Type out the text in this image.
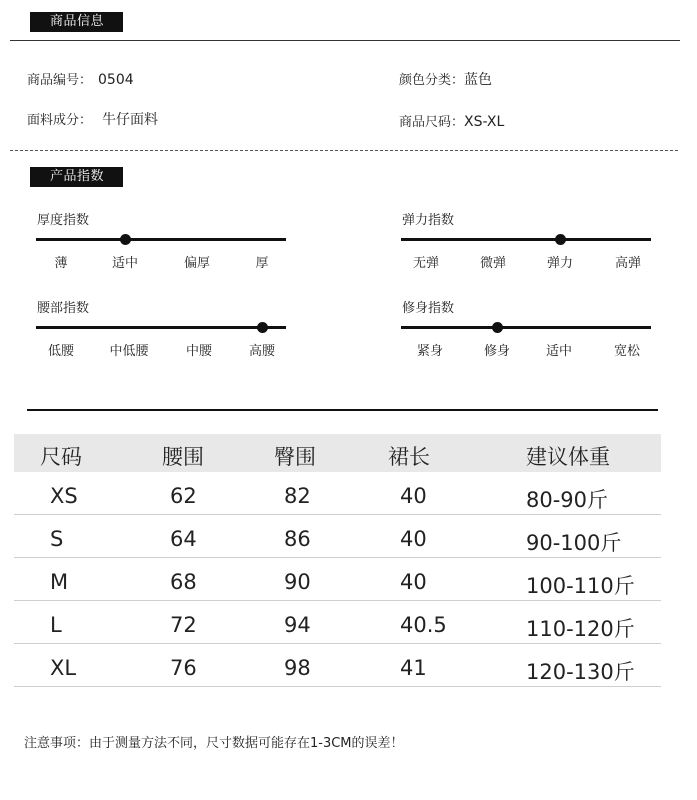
商品信息
商品编号： 0504	颜色分类：蓝色
面料成分： 牛仔面料	商品尺码：XS-XL
产品指数
厚度指数
薄	适中	偏厚	厚
弹力指数
无弹	微弹	弹力	高弹
腰部指数
低腰	中低腰	中腰	高腰
修身指数
紧身	修身	适中	宽松
尺码	腰围	臀围	裙长	建议体重
XS	62	82	40	80-90斤
S	64	86	40	90-100斤
M	68	90	40	100-110斤
L	72	94	40.5	110-120斤
XL	76	98	41	120-130斤
注意事项：由于测量方法不同，尺寸数据可能存在1-3CM的误差！
